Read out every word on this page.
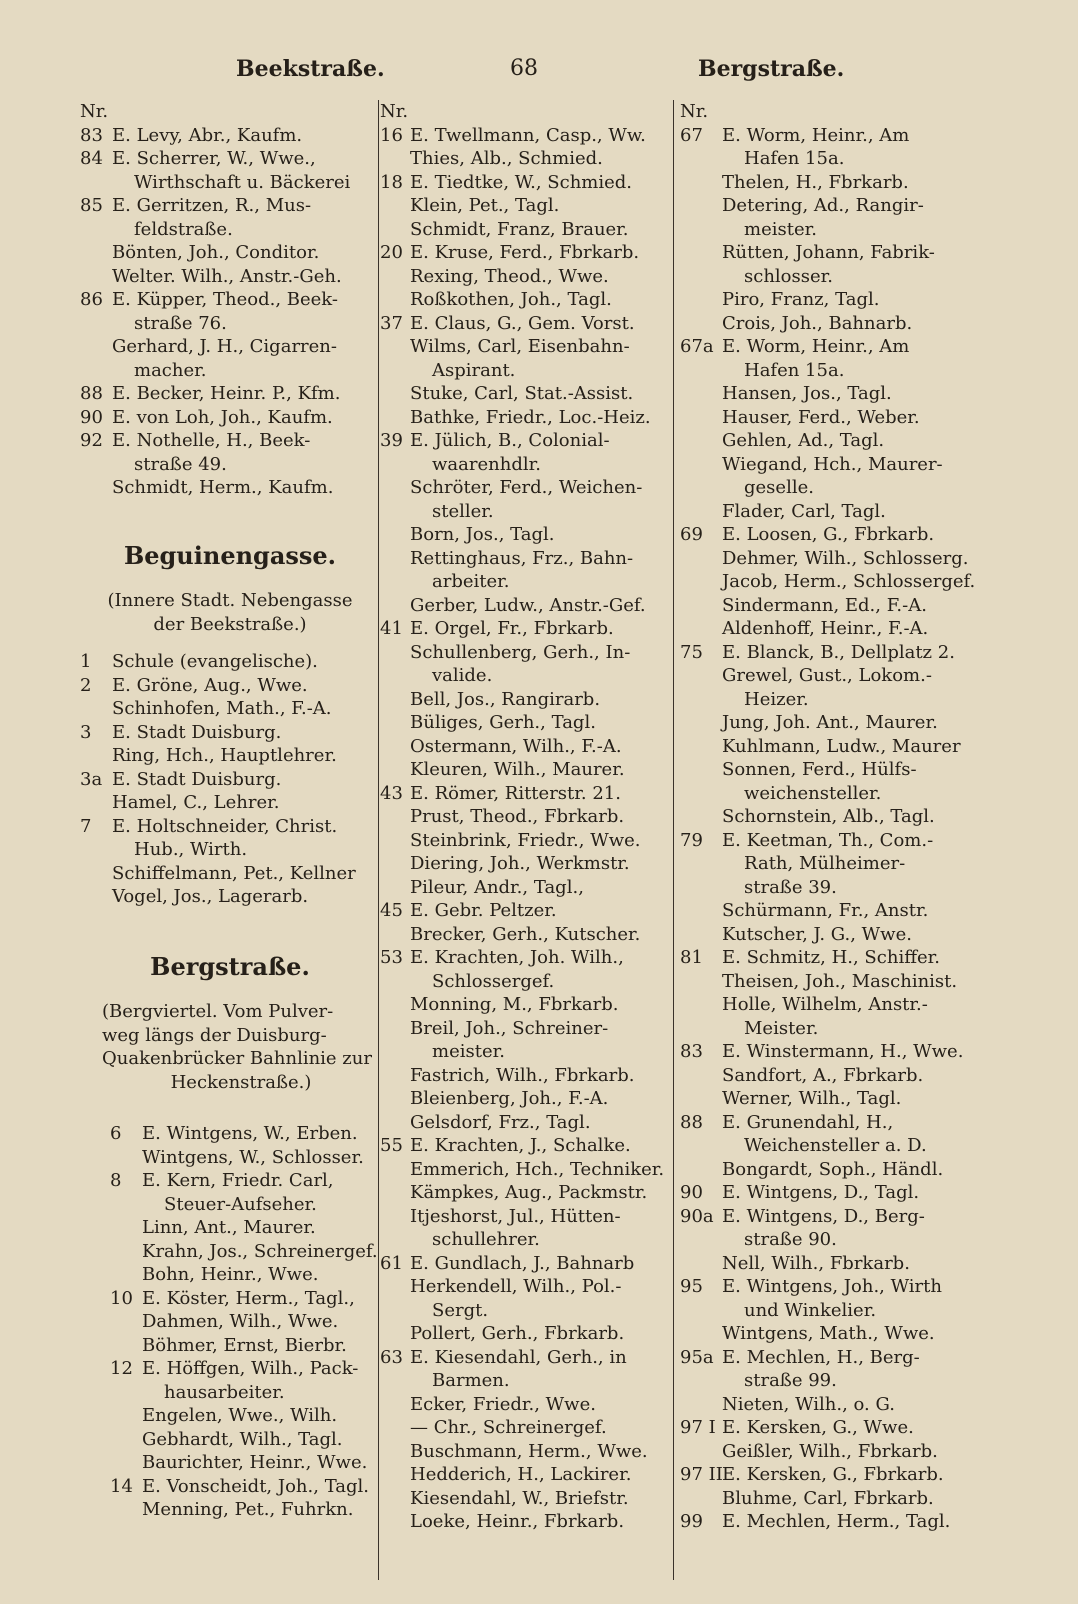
Beekstraße.	68	Bergstraße.
Nr.
83 E. Levy, Abr., Kaufm.
84 E. Scherrer, W., Wwe.,
Wirthschaft u. Bäckerei
85 E. Gerritzen, R., Mus-
feldstraße.
Bönten, Joh., Conditor.
Welter. Wilh., Anstr.-Geh.
86 E. Küpper, Theod., Beek-
straße 76.
Gerhard, J. H., Cigarren-
macher.
88 E. Becker, Heinr. P., Kfm.
90 E. von Loh, Joh., Kaufm.
92 E. Nothelle, H., Beek-
straße 49.
Schmidt, Herm., Kaufm.
Beguinengasse.
(Innere Stadt. Nebengasse
der Beekstraße.)
1 Schule (evangelische).
2 E. Gröne, Aug., Wwe.
Schinhofen, Math., F.-A.
3 E. Stadt Duisburg.
Ring, Hch., Hauptlehrer.
3a E. Stadt Duisburg.
Hamel, C., Lehrer.
7 E. Holtschneider, Christ.
Hub., Wirth.
Schiffelmann, Pet., Kellner
Vogel, Jos., Lagerarb.
Bergstraße.
(Bergviertel. Vom Pulver-
weg längs der Duisburg-
Quakenbrücker Bahnlinie zur
Heckenstraße.)
6 E. Wintgens, W., Erben.
Wintgens, W., Schlosser.
8 E. Kern, Friedr. Carl,
Steuer-Aufseher.
Linn, Ant., Maurer.
Krahn, Jos., Schreinergef.
Bohn, Heinr., Wwe.
10 E. Köster, Herm., Tagl.,
Dahmen, Wilh., Wwe.
Böhmer, Ernst, Bierbr.
12 E. Höffgen, Wilh., Pack-
hausarbeiter.
Engelen, Wwe., Wilh.
Gebhardt, Wilh., Tagl.
Baurichter, Heinr., Wwe.
14 E. Vonscheidt, Joh., Tagl.
Menning, Pet., Fuhrkn.
Nr.
16 E. Twellmann, Casp., Ww.
Thies, Alb., Schmied.
18 E. Tiedtke, W., Schmied.
Klein, Pet., Tagl.
Schmidt, Franz, Brauer.
20 E. Kruse, Ferd., Fbrkarb.
Rexing, Theod., Wwe.
Roßkothen, Joh., Tagl.
37 E. Claus, G., Gem. Vorst.
Wilms, Carl, Eisenbahn-
Aspirant.
Stuke, Carl, Stat.-Assist.
Bathke, Friedr., Loc.-Heiz.
39 E. Jülich, B., Colonial-
waarenhdlr.
Schröter, Ferd., Weichen-
steller.
Born, Jos., Tagl.
Rettinghaus, Frz., Bahn-
arbeiter.
Gerber, Ludw., Anstr.-Gef.
41 E. Orgel, Fr., Fbrkarb.
Schullenberg, Gerh., In-
valide.
Bell, Jos., Rangirarb.
Büliges, Gerh., Tagl.
Ostermann, Wilh., F.-A.
Kleuren, Wilh., Maurer.
43 E. Römer, Ritterstr. 21.
Prust, Theod., Fbrkarb.
Steinbrink, Friedr., Wwe.
Diering, Joh., Werkmstr.
Pileur, Andr., Tagl.,
45 E. Gebr. Peltzer.
Brecker, Gerh., Kutscher.
53 E. Krachten, Joh. Wilh.,
Schlossergef.
Monning, M., Fbrkarb.
Breil, Joh., Schreiner-
meister.
Fastrich, Wilh., Fbrkarb.
Bleienberg, Joh., F.-A.
Gelsdorf, Frz., Tagl.
55 E. Krachten, J., Schalke.
Emmerich, Hch., Techniker.
Kämpkes, Aug., Packmstr.
Itjeshorst, Jul., Hütten-
schullehrer.
61 E. Gundlach, J., Bahnarb
Herkendell, Wilh., Pol.-
Sergt.
Pollert, Gerh., Fbrkarb.
63 E. Kiesendahl, Gerh., in
Barmen.
Ecker, Friedr., Wwe.
— Chr., Schreinergef.
Buschmann, Herm., Wwe.
Hedderich, H., Lackirer.
Kiesendahl, W., Briefstr.
Loeke, Heinr., Fbrkarb.
Nr.
67 E. Worm, Heinr., Am
Hafen 15a.
Thelen, H., Fbrkarb.
Detering, Ad., Rangir-
meister.
Rütten, Johann, Fabrik-
schlosser.
Piro, Franz, Tagl.
Crois, Joh., Bahnarb.
67a E. Worm, Heinr., Am
Hafen 15a.
Hansen, Jos., Tagl.
Hauser, Ferd., Weber.
Gehlen, Ad., Tagl.
Wiegand, Hch., Maurer-
geselle.
Flader, Carl, Tagl.
69 E. Loosen, G., Fbrkarb.
Dehmer, Wilh., Schlosserg.
Jacob, Herm., Schlossergef.
Sindermann, Ed., F.-A.
Aldenhoff, Heinr., F.-A.
75 E. Blanck, B., Dellplatz 2.
Grewel, Gust., Lokom.-
Heizer.
Jung, Joh. Ant., Maurer.
Kuhlmann, Ludw., Maurer
Sonnen, Ferd., Hülfs-
weichensteller.
Schornstein, Alb., Tagl.
79 E. Keetman, Th., Com.-
Rath, Mülheimer-
straße 39.
Schürmann, Fr., Anstr.
Kutscher, J. G., Wwe.
81 E. Schmitz, H., Schiffer.
Theisen, Joh., Maschinist.
Holle, Wilhelm, Anstr.-
Meister.
83 E. Winstermann, H., Wwe.
Sandfort, A., Fbrkarb.
Werner, Wilh., Tagl.
88 E. Grunendahl, H.,
Weichensteller a. D.
Bongardt, Soph., Händl.
90 E. Wintgens, D., Tagl.
90a E. Wintgens, D., Berg-
straße 90.
Nell, Wilh., Fbrkarb.
95 E. Wintgens, Joh., Wirth
und Winkelier.
Wintgens, Math., Wwe.
95a E. Mechlen, H., Berg-
straße 99.
Nieten, Wilh., o. G.
97 I E. Kersken, G., Wwe.
Geißler, Wilh., Fbrkarb.
97 IIE. Kersken, G., Fbrkarb.
Bluhme, Carl, Fbrkarb.
99 E. Mechlen, Herm., Tagl.
